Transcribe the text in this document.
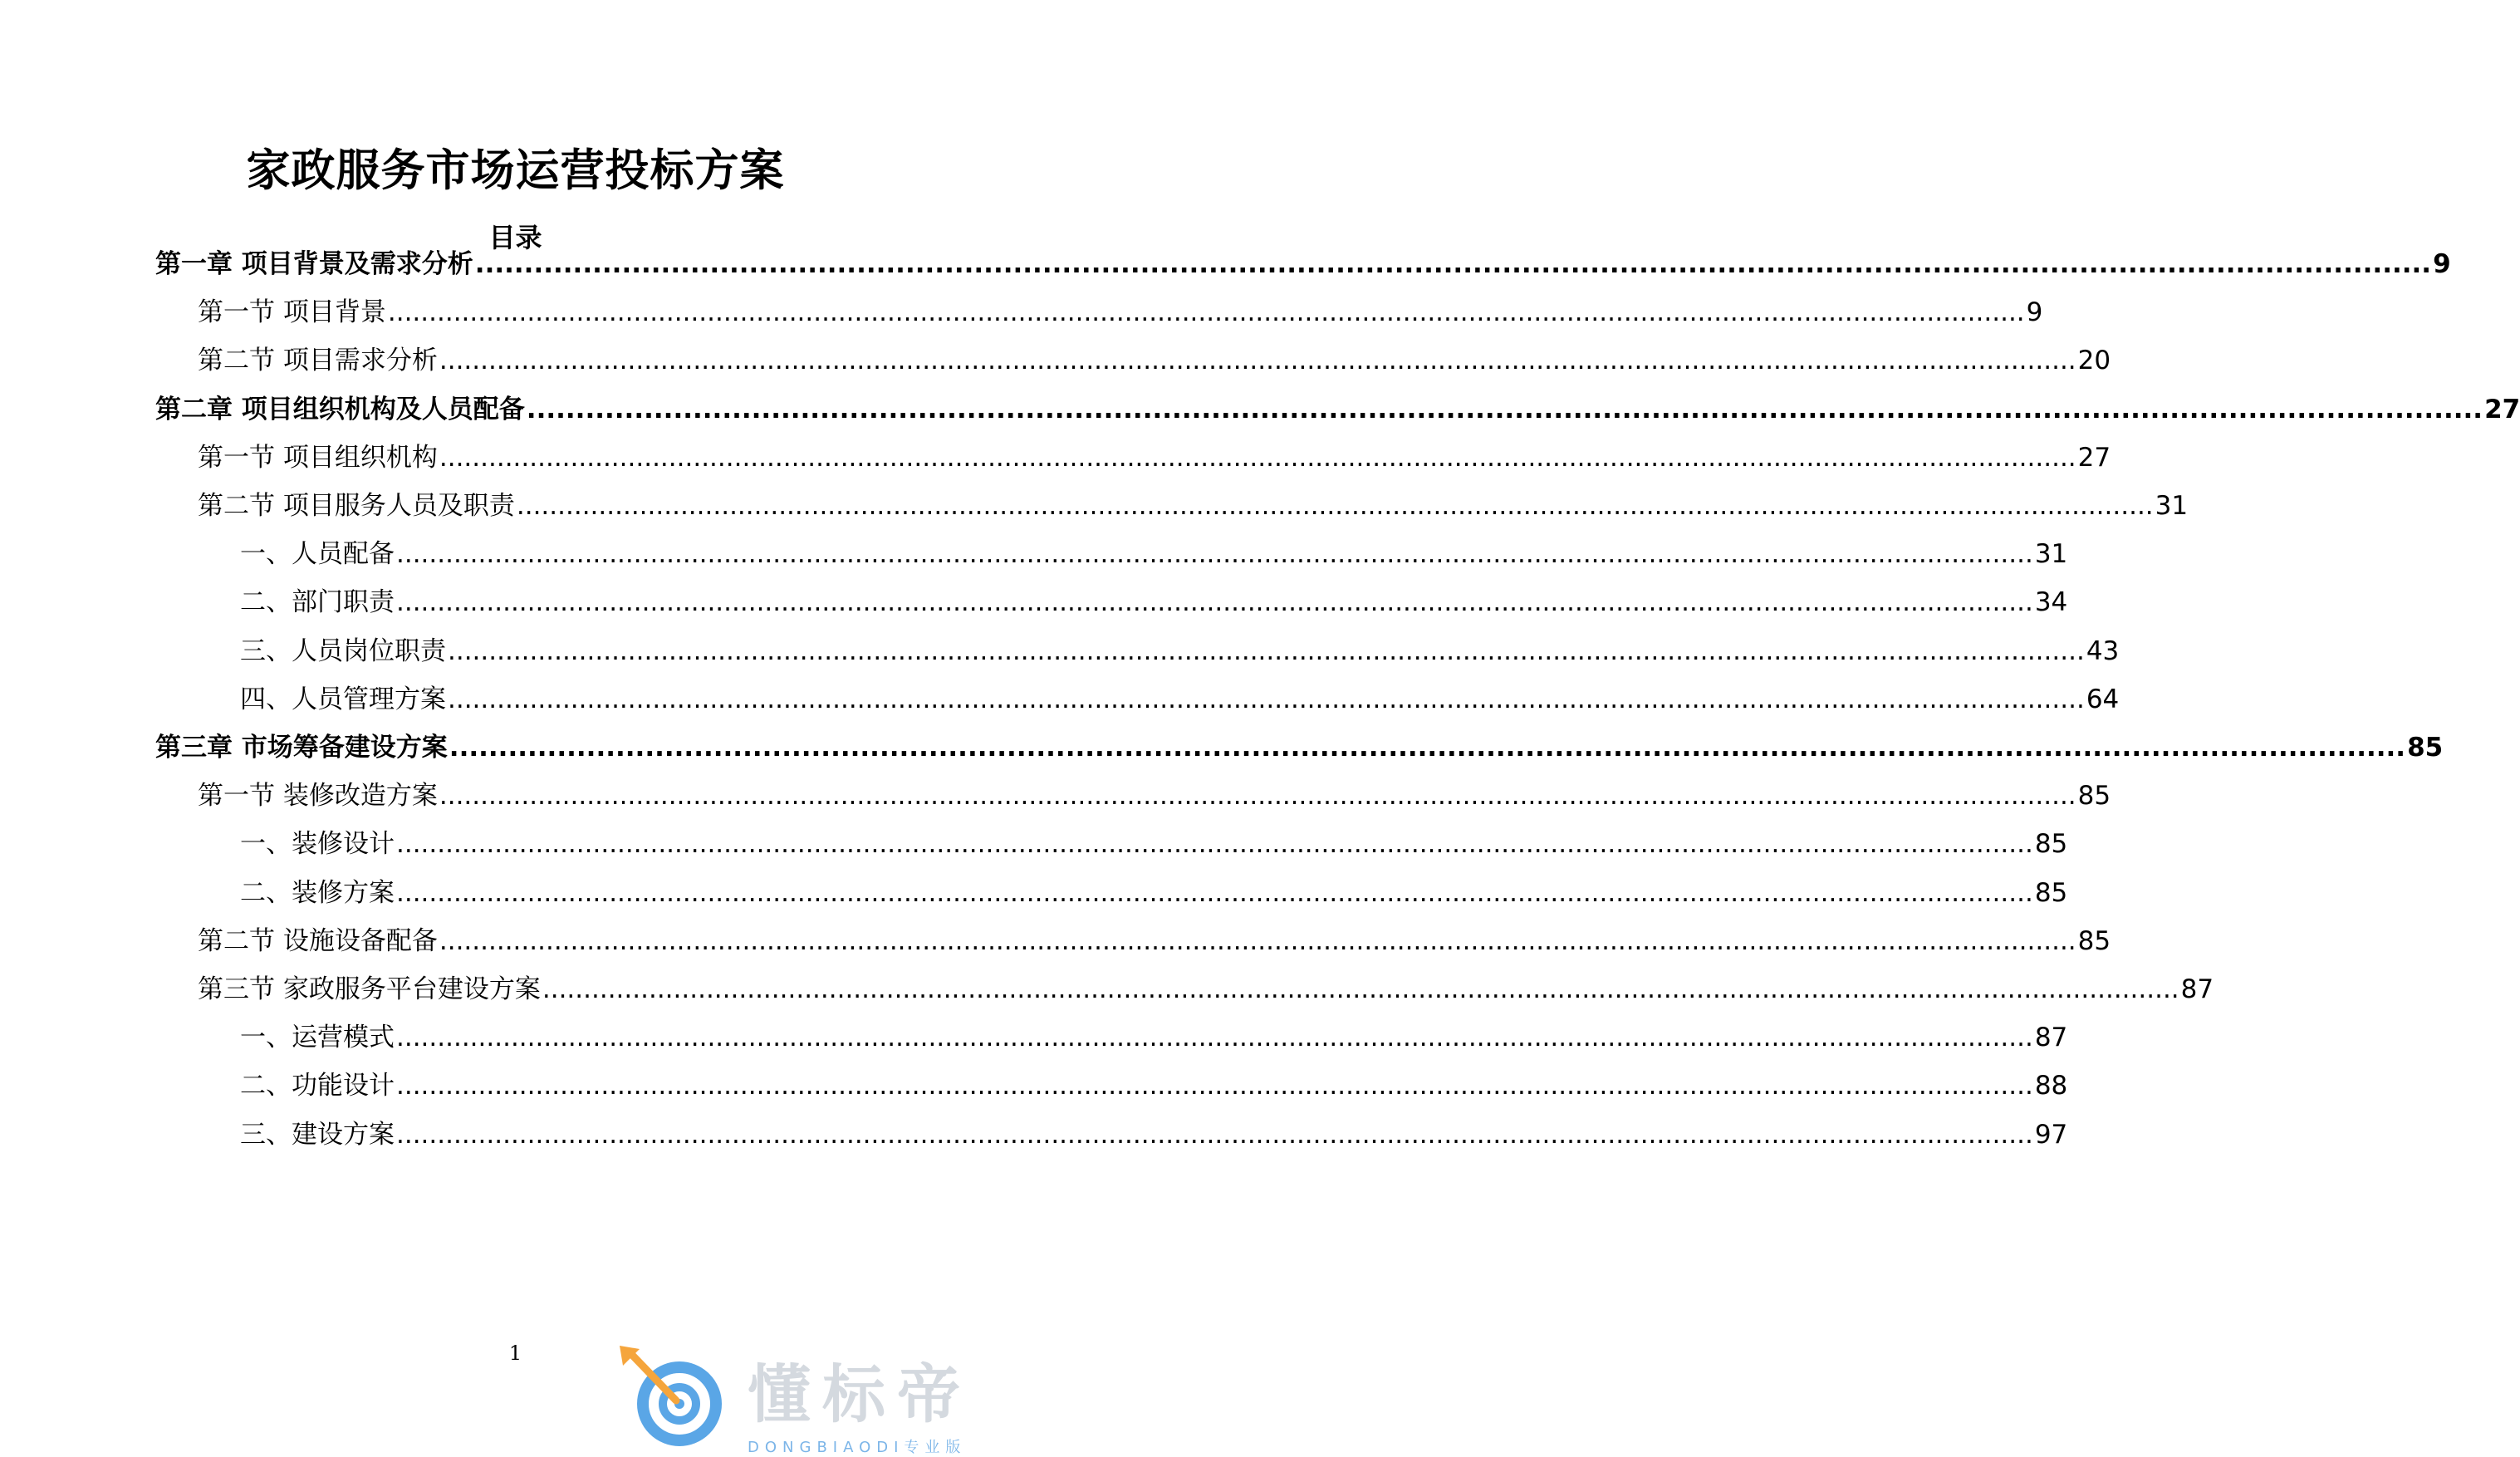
家政服务市场运营投标方案
目录
第一章 项目背景及需求分析 ........................................................................................................................................................................................................ 9
第一节 项目背景 ........................................................................................................................................................................................................ 9
第二节 项目需求分析 ........................................................................................................................................................................................................ 20
第二章 项目组织机构及人员配备 ........................................................................................................................................................................................................ 27
第一节 项目组织机构 ........................................................................................................................................................................................................ 27
第二节 项目服务人员及职责 ........................................................................................................................................................................................................ 31
一、人员配备 ........................................................................................................................................................................................................ 31
二、部门职责 ........................................................................................................................................................................................................ 34
三、人员岗位职责 ........................................................................................................................................................................................................ 43
四、人员管理方案 ........................................................................................................................................................................................................ 64
第三章 市场筹备建设方案 ........................................................................................................................................................................................................ 85
第一节 装修改造方案 ........................................................................................................................................................................................................ 85
一、装修设计 ........................................................................................................................................................................................................ 85
二、装修方案 ........................................................................................................................................................................................................ 85
第二节 设施设备配备 ........................................................................................................................................................................................................ 85
第三节 家政服务平台建设方案 ........................................................................................................................................................................................................ 87
一、运营模式 ........................................................................................................................................................................................................ 87
二、功能设计 ........................................................................................................................................................................................................ 88
三、建设方案 ........................................................................................................................................................................................................ 97
1
懂标帝
DONGBIAODI专业版
